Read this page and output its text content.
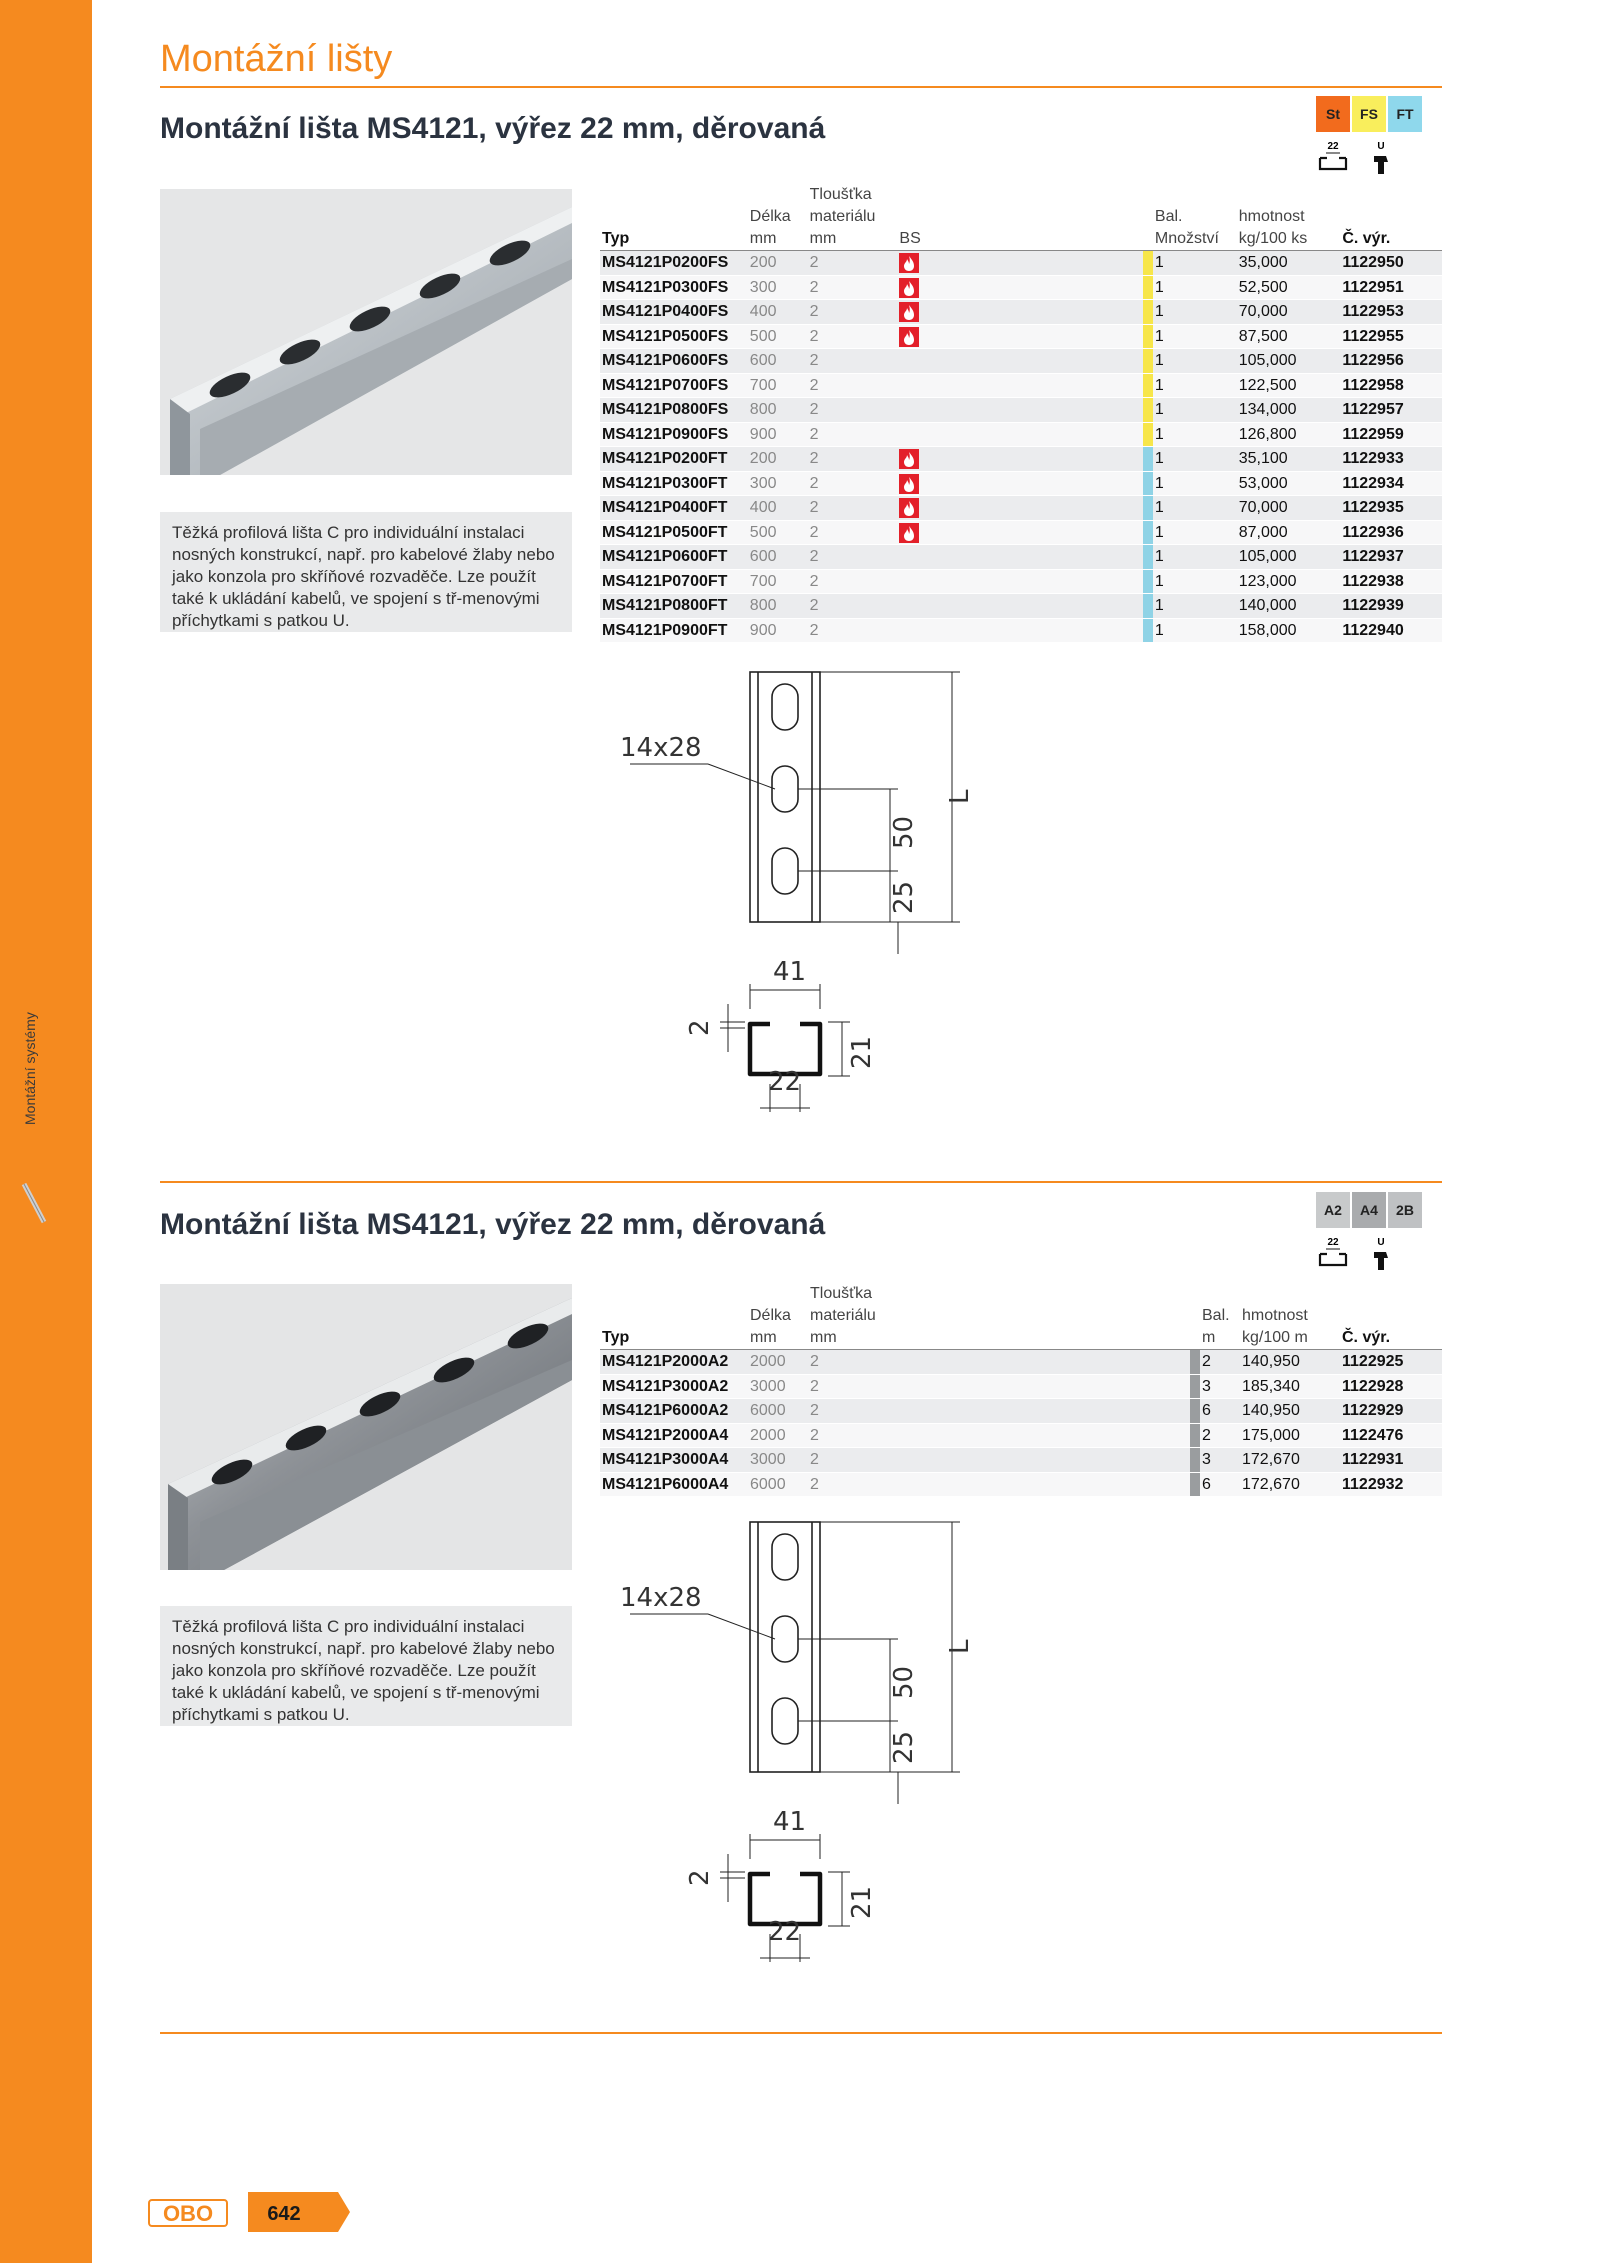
Montážní systémy
Montážní lišty
Montážní lišta MS4121, výřez 22 mm, děrovaná	St	FS	FT
22	U
Těžká profilová lišta C pro individuální instalaci nosných konstrukcí, např. pro kabelové žlaby nebo jako konzola pro skříňové rozvaděče. Lze použít také k ukládání kabelů, ve spojení s tř-menovými příchytkami s patkou U.
		Tloušťka						
	Délka	materiálu				Bal.	hmotnost	
Typ	mm	mm	BS			Množství	kg/100 ks	Č. výr.
MS4121P0200FS	200	2				1	35,000	1122950
MS4121P0300FS	300	2				1	52,500	1122951
MS4121P0400FS	400	2				1	70,000	1122953
MS4121P0500FS	500	2				1	87,500	1122955
MS4121P0600FS	600	2				1	105,000	1122956
MS4121P0700FS	700	2				1	122,500	1122958
MS4121P0800FS	800	2				1	134,000	1122957
MS4121P0900FS	900	2				1	126,800	1122959
MS4121P0200FT	200	2				1	35,100	1122933
MS4121P0300FT	300	2				1	53,000	1122934
MS4121P0400FT	400	2				1	70,000	1122935
MS4121P0500FT	500	2				1	87,000	1122936
MS4121P0600FT	600	2				1	105,000	1122937
MS4121P0700FT	700	2				1	123,000	1122938
MS4121P0800FT	800	2				1	140,000	1122939
MS4121P0900FT	900	2				1	158,000	1122940
14x28
L
50
25
41
2
21
22
Montážní lišta MS4121, výřez 22 mm, děrovaná	A2	A4	2B
22	U
Těžká profilová lišta C pro individuální instalaci nosných konstrukcí, např. pro kabelové žlaby nebo jako konzola pro skříňové rozvaděče. Lze použít také k ukládání kabelů, ve spojení s tř-menovými příchytkami s patkou U.
		Tloušťka					
	Délka	materiálu			Bal.	hmotnost	
Typ	mm	mm			m	kg/100 m	Č. výr.
MS4121P2000A2	2000	2			2	140,950	1122925
MS4121P3000A2	3000	2			3	185,340	1122928
MS4121P6000A2	6000	2			6	140,950	1122929
MS4121P2000A4	2000	2			2	175,000	1122476
MS4121P3000A4	3000	2			3	172,670	1122931
MS4121P6000A4	6000	2			6	172,670	1122932
14x28
L
50
25
41
2
21
22
OBO	642
